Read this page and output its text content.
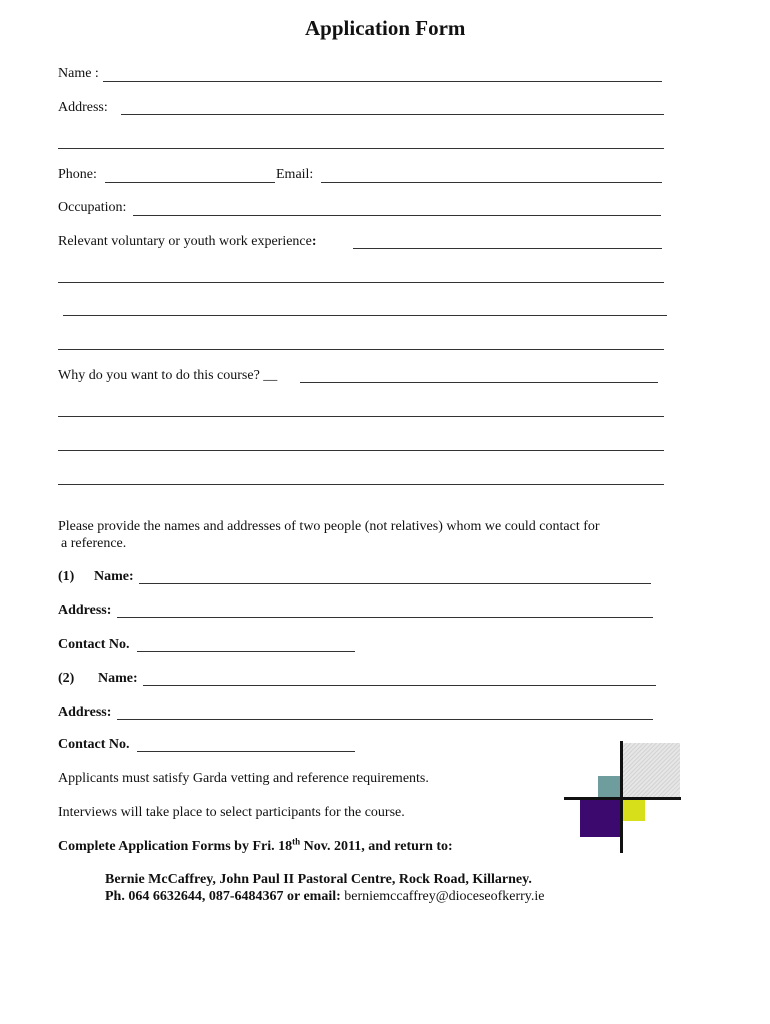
Application Form
Name :
Address:
Phone:	Email:
Occupation:
Relevant voluntary or youth work experience:
Why do you want to do this course? __
Please provide the names and addresses of two people (not relatives) whom we could contact for
a reference.
(1) Name:
Address:
Contact No.
(2) Name:
Address:
Contact No.
Applicants must satisfy Garda vetting and reference requirements.
Interviews will take place to select participants for the course.
Complete Application Forms by Fri. 18th Nov. 2011, and return to:
Bernie McCaffrey, John Paul II Pastoral Centre, Rock Road, Killarney.
Ph. 064 6632644, 087-6484367 or email: berniemccaffrey@dioceseofkerry.ie
